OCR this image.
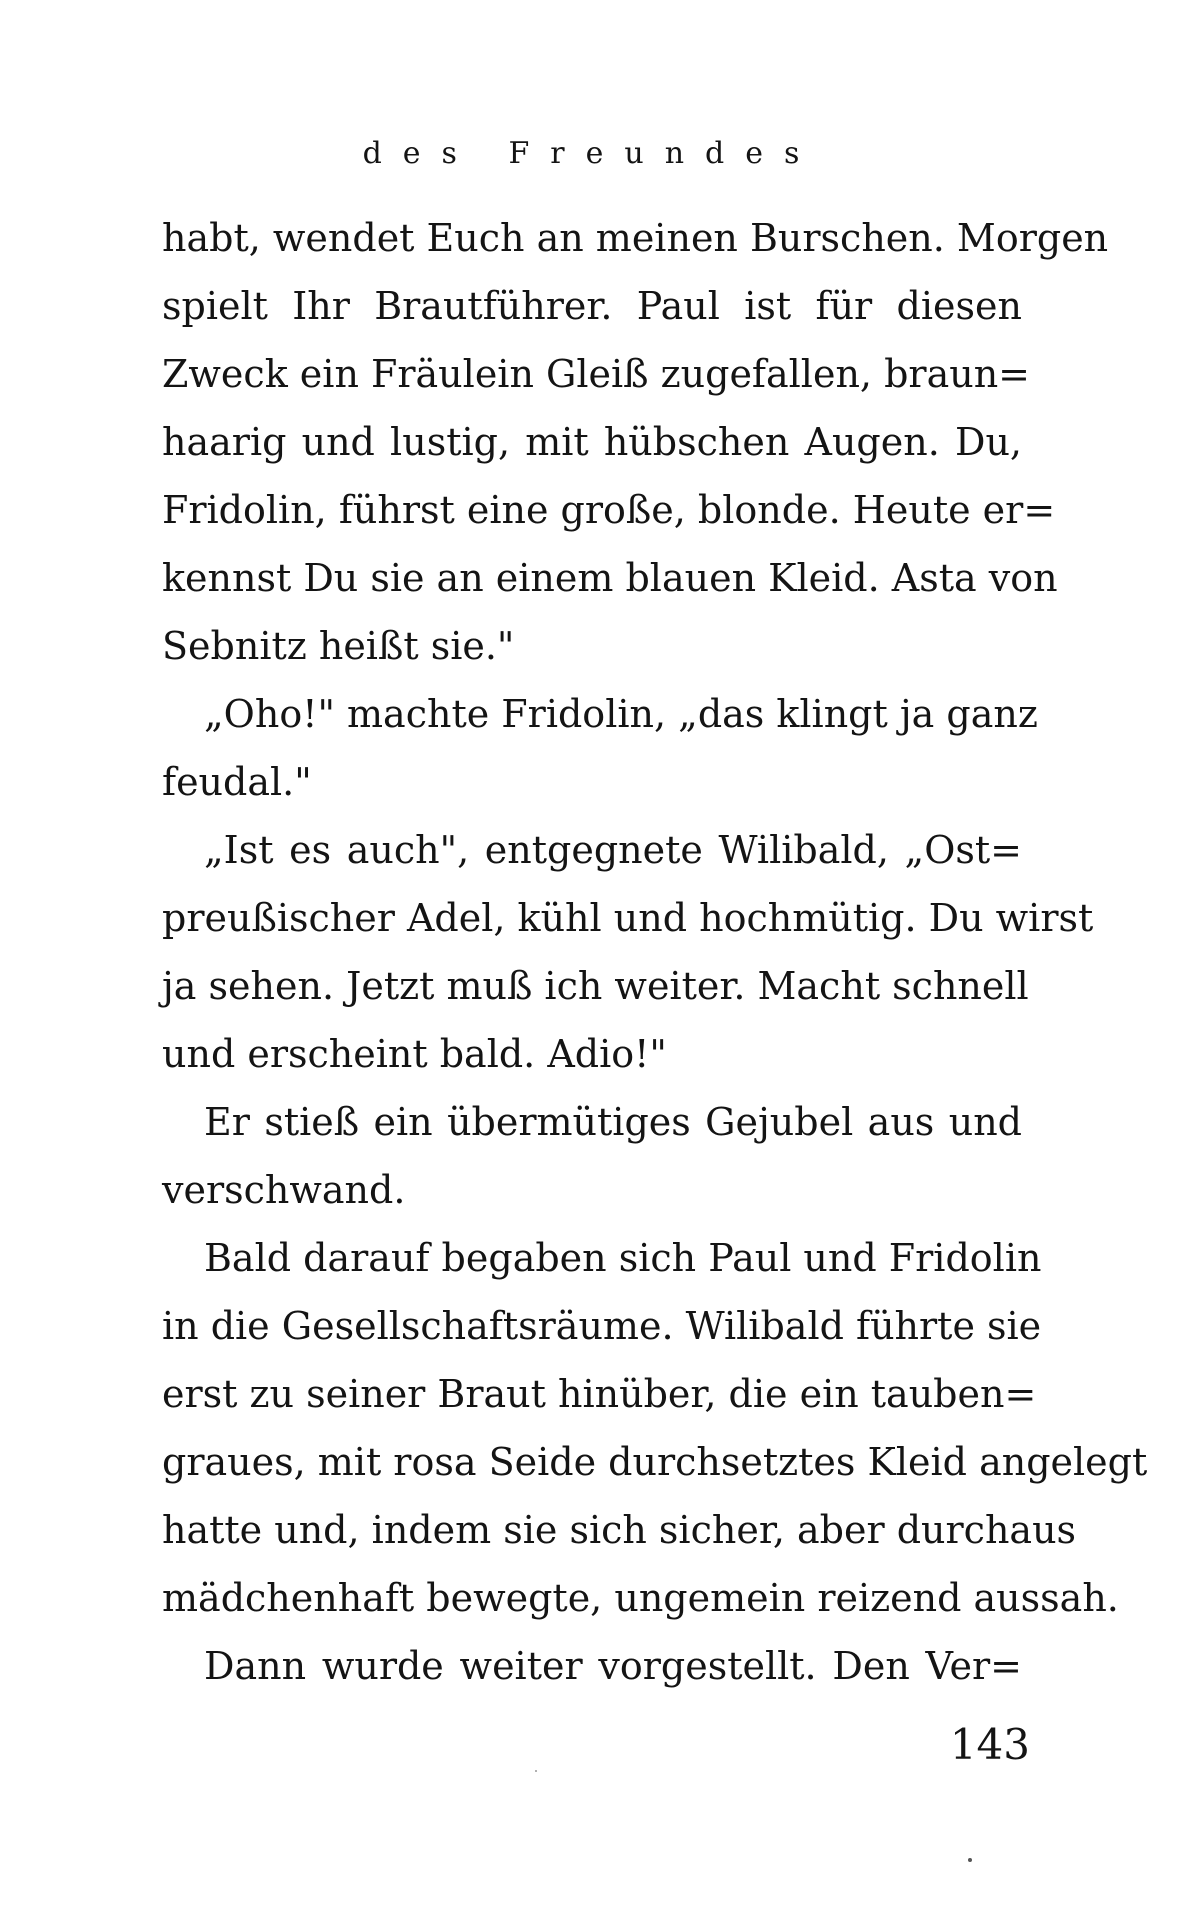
des Freundes
habt, wendet Euch an meinen Burschen. Morgen
spielt Ihr Brautführer. Paul ist für diesen
Zweck ein Fräulein Gleiß zugefallen, braun=
haarig und lustig, mit hübschen Augen. Du,
Fridolin, führst eine große, blonde. Heute er=
kennst Du sie an einem blauen Kleid. Asta von
Sebnitz heißt sie."
„Oho!" machte Fridolin, „das klingt ja ganz
feudal."
„Ist es auch", entgegnete Wilibald, „Ost=
preußischer Adel, kühl und hochmütig. Du wirst
ja sehen. Jetzt muß ich weiter. Macht schnell
und erscheint bald. Adio!"
Er stieß ein übermütiges Gejubel aus und
verschwand.
Bald darauf begaben sich Paul und Fridolin
in die Gesellschaftsräume. Wilibald führte sie
erst zu seiner Braut hinüber, die ein tauben=
graues, mit rosa Seide durchsetztes Kleid angelegt
hatte und, indem sie sich sicher, aber durchaus
mädchenhaft bewegte, ungemein reizend aussah.
Dann wurde weiter vorgestellt. Den Ver=
143
